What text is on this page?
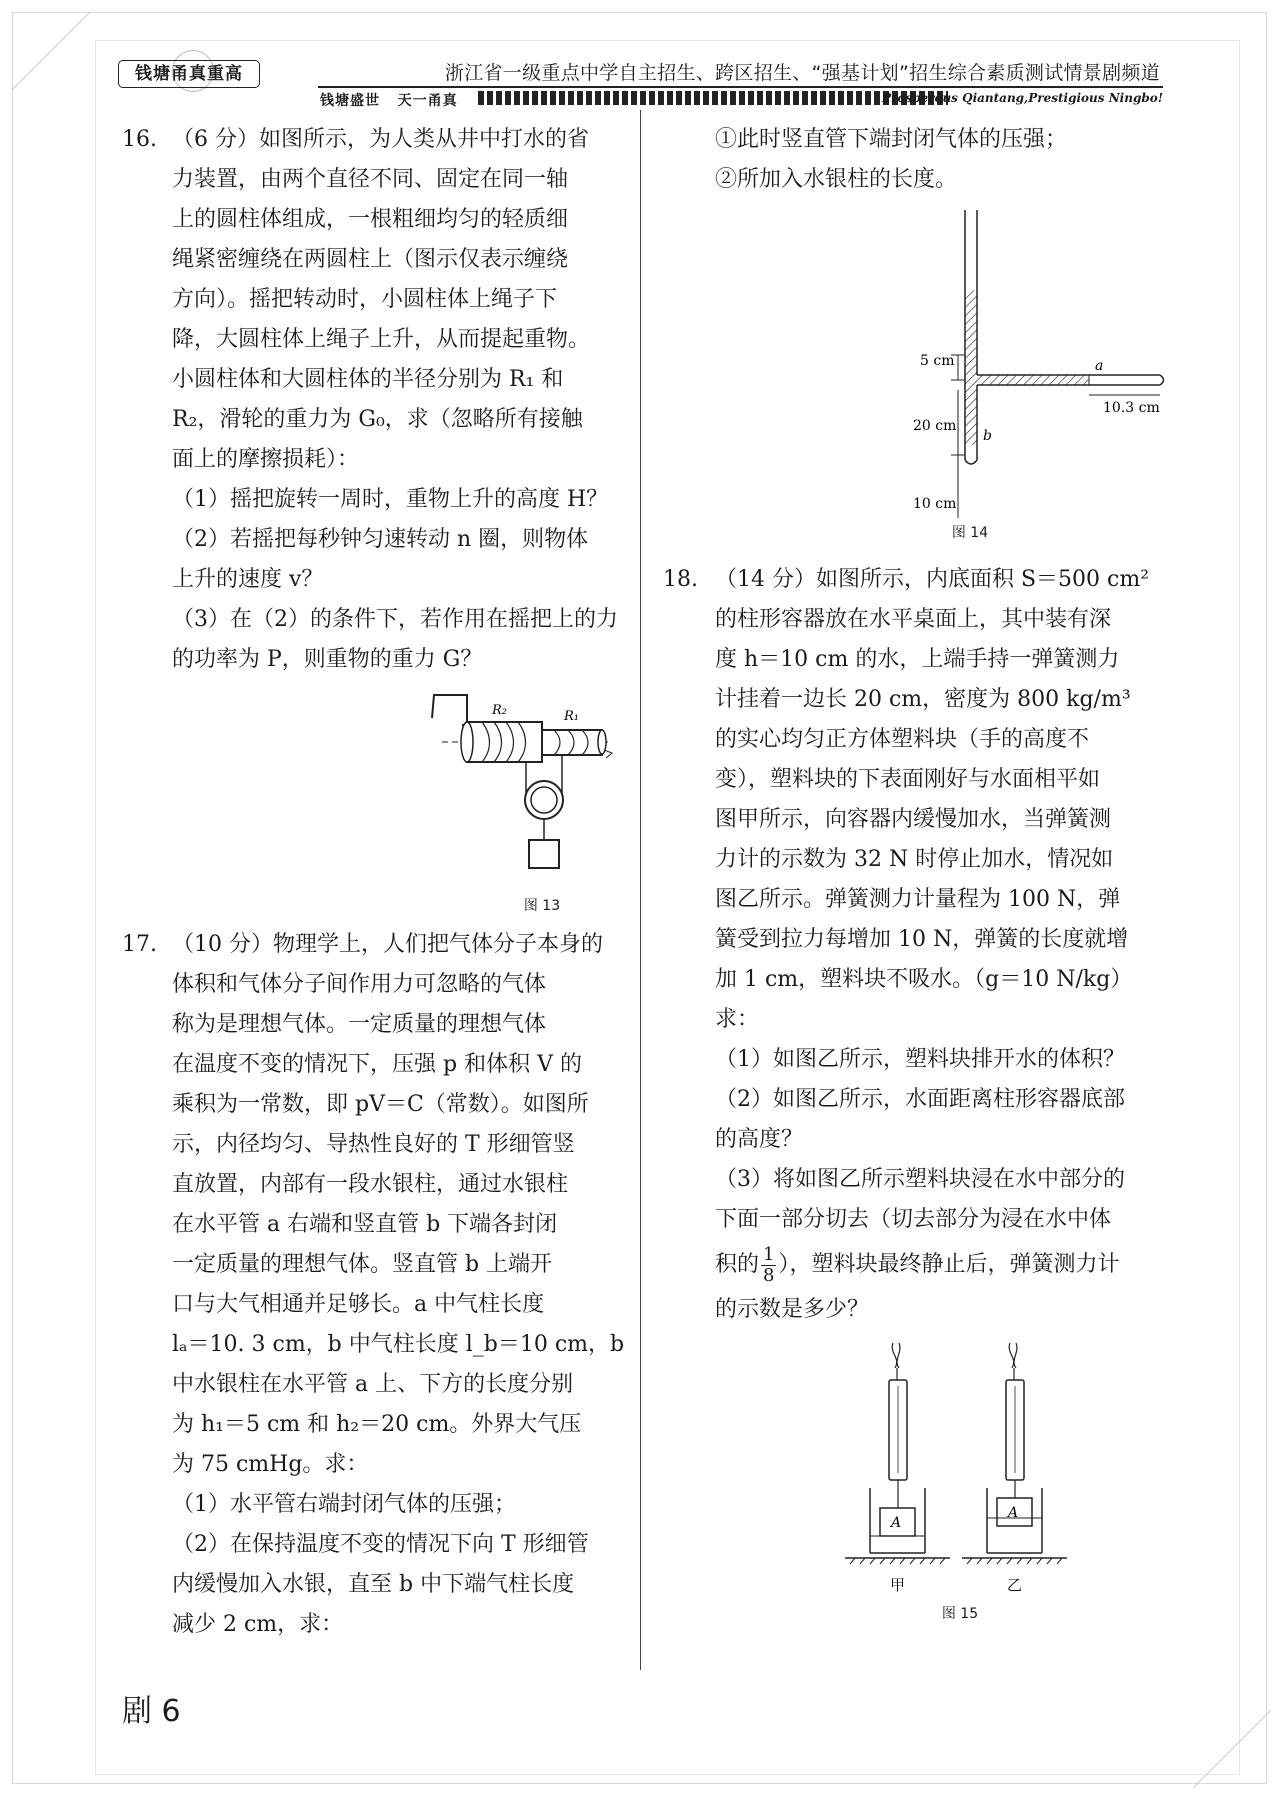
钱塘甬真重高	浙江省一级重点中学自主招生、跨区招生、“强基计划”招生综合素质测试情景剧频道
钱塘盛世 天一甬真	Prosperous Qiantang,Prestigious Ningbo!
16. （6 分）如图所示，为人类从井中打水的省

力装置，由两个直径不同、固定在同一轴

上的圆柱体组成，一根粗细均匀的轻质细

绳紧密缠绕在两圆柱上（图示仅表示缠绕

方向）。摇把转动时，小圆柱体上绳子下

降，大圆柱体上绳子上升，从而提起重物。

小圆柱体和大圆柱体的半径分别为 R₁ 和

R₂，滑轮的重力为 G₀，求（忽略所有接触

面上的摩擦损耗）：

（1）摇把旋转一周时，重物上升的高度 H？

（2）若摇把每秒钟匀速转动 n 圈，则物体

上升的速度 v？

（3）在（2）的条件下，若作用在摇把上的力

的功率为 P，则重物的重力 G？

R₂	R₁
图 13
17. （10 分）物理学上，人们把气体分子本身的

体积和气体分子间作用力可忽略的气体

称为是理想气体。一定质量的理想气体

在温度不变的情况下，压强 p 和体积 V 的

乘积为一常数，即 pV＝C（常数）。如图所

示，内径均匀、导热性良好的 T 形细管竖

直放置，内部有一段水银柱，通过水银柱

在水平管 a 右端和竖直管 b 下端各封闭

一定质量的理想气体。竖直管 b 上端开

口与大气相通并足够长。a 中气柱长度

lₐ＝10. 3 cm，b 中气柱长度 l_b＝10 cm，b

中水银柱在水平管 a 上、下方的长度分别

为 h₁＝5 cm 和 h₂＝20 cm。外界大气压

为 75 cmHg。求：

（1）水平管右端封闭气体的压强；

（2）在保持温度不变的情况下向 T 形细管

内缓慢加入水银，直至 b 中下端气柱长度

减少 2 cm，求：

①此时竖直管下端封闭气体的压强；

②所加入水银柱的长度。

5 cm
20 cm
10 cm
a
b
10.3 cm
图 14
18. （14 分）如图所示，内底面积 S＝500 cm²

的柱形容器放在水平桌面上，其中装有深

度 h＝10 cm 的水，上端手持一弹簧测力

计挂着一边长 20 cm，密度为 800 kg/m³

的实心均匀正方体塑料块（手的高度不

变），塑料块的下表面刚好与水面相平如

图甲所示，向容器内缓慢加水，当弹簧测

力计的示数为 32 N 时停止加水，情况如

图乙所示。弹簧测力计量程为 100 N，弹

簧受到拉力每增加 10 N，弹簧的长度就增

加 1 cm，塑料块不吸水。（g＝10 N/kg）求：

（1）如图乙所示，塑料块排开水的体积？

（2）如图乙所示，水面距离柱形容器底部

的高度？

（3）将如图乙所示塑料块浸在水中部分的

下面一部分切去（切去部分为浸在水中体

积的 $\frac{1}{8}$ ），塑料块最终静止后，弹簧测力计

的示数是多少？

A
甲
A
乙
图 15
剧 6
